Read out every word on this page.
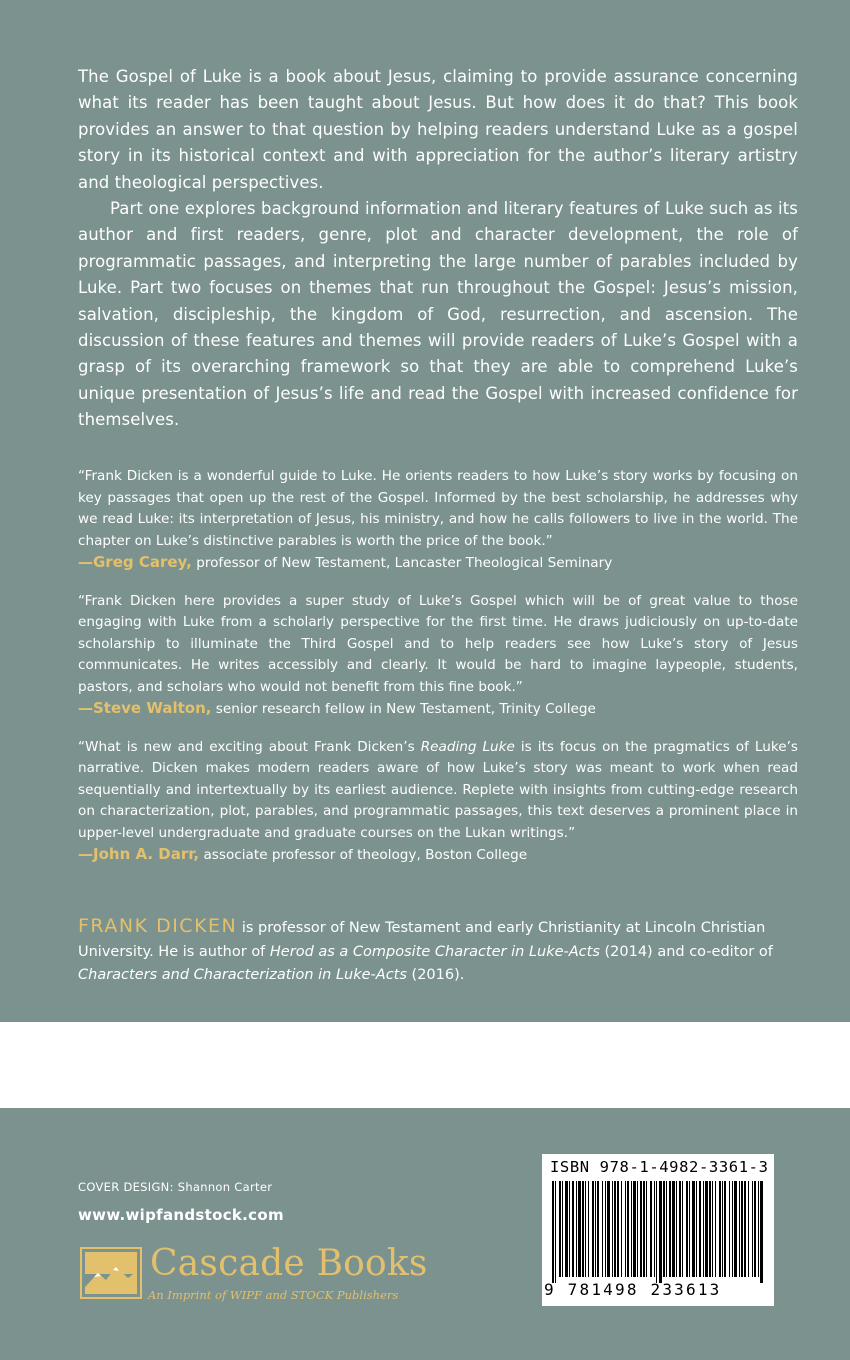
The Gospel of Luke is a book about Jesus, claiming to provide assurance concerning what its reader has been taught about Jesus. But how does it do that? This book provides an answer to that question by helping readers understand Luke as a gospel story in its historical context and with appreciation for the author’s literary artistry and theological perspectives.

Part one explores background information and literary features of Luke such as its author and first readers, genre, plot and character development, the role of programmatic passages, and interpreting the large number of parables included by Luke. Part two focuses on themes that run throughout the Gospel: Jesus’s mission, salvation, discipleship, the kingdom of God, resurrection, and ascension. The discussion of these features and themes will provide readers of Luke’s Gospel with a grasp of its overarching framework so that they are able to comprehend Luke’s unique presentation of Jesus’s life and read the Gospel with increased confidence for themselves.

“Frank Dicken is a wonderful guide to Luke. He orients readers to how Luke’s story works by focusing on key passages that open up the rest of the Gospel. Informed by the best scholarship, he addresses why we read Luke: its interpretation of Jesus, his ministry, and how he calls followers to live in the world. The chapter on Luke’s distinctive parables is worth the price of the book.”

—Greg Carey, professor of New Testament, Lancaster Theological Seminary

“Frank Dicken here provides a super study of Luke’s Gospel which will be of great value to those engaging with Luke from a scholarly perspective for the first time. He draws judiciously on up-to-date scholarship to illuminate the Third Gospel and to help readers see how Luke’s story of Jesus communicates. He writes accessibly and clearly. It would be hard to imagine laypeople, students, pastors, and scholars who would not benefit from this fine book.”

—Steve Walton, senior research fellow in New Testament, Trinity College

“What is new and exciting about Frank Dicken’s Reading Luke is its focus on the pragmatics of Luke’s narrative. Dicken makes modern readers aware of how Luke’s story was meant to work when read sequentially and intertextually by its earliest audience. Replete with insights from cutting-edge research on characterization, plot, parables, and programmatic passages, this text deserves a prominent place in upper-level undergraduate and graduate courses on the Lukan writings.”

—John A. Darr, associate professor of theology, Boston College

FRANK DICKEN is professor of New Testament and early Christianity at Lincoln Christian University. He is author of Herod as a Composite Character in Luke-Acts (2014) and co-editor of Characters and Characterization in Luke-Acts (2016).

COVER DESIGN: Shannon Carter

www.wipfandstock.com

Cascade Books
An Imprint of WIPF and STOCK Publishers
ISBN 978-1-4982-3361-3
9 781498 233613
